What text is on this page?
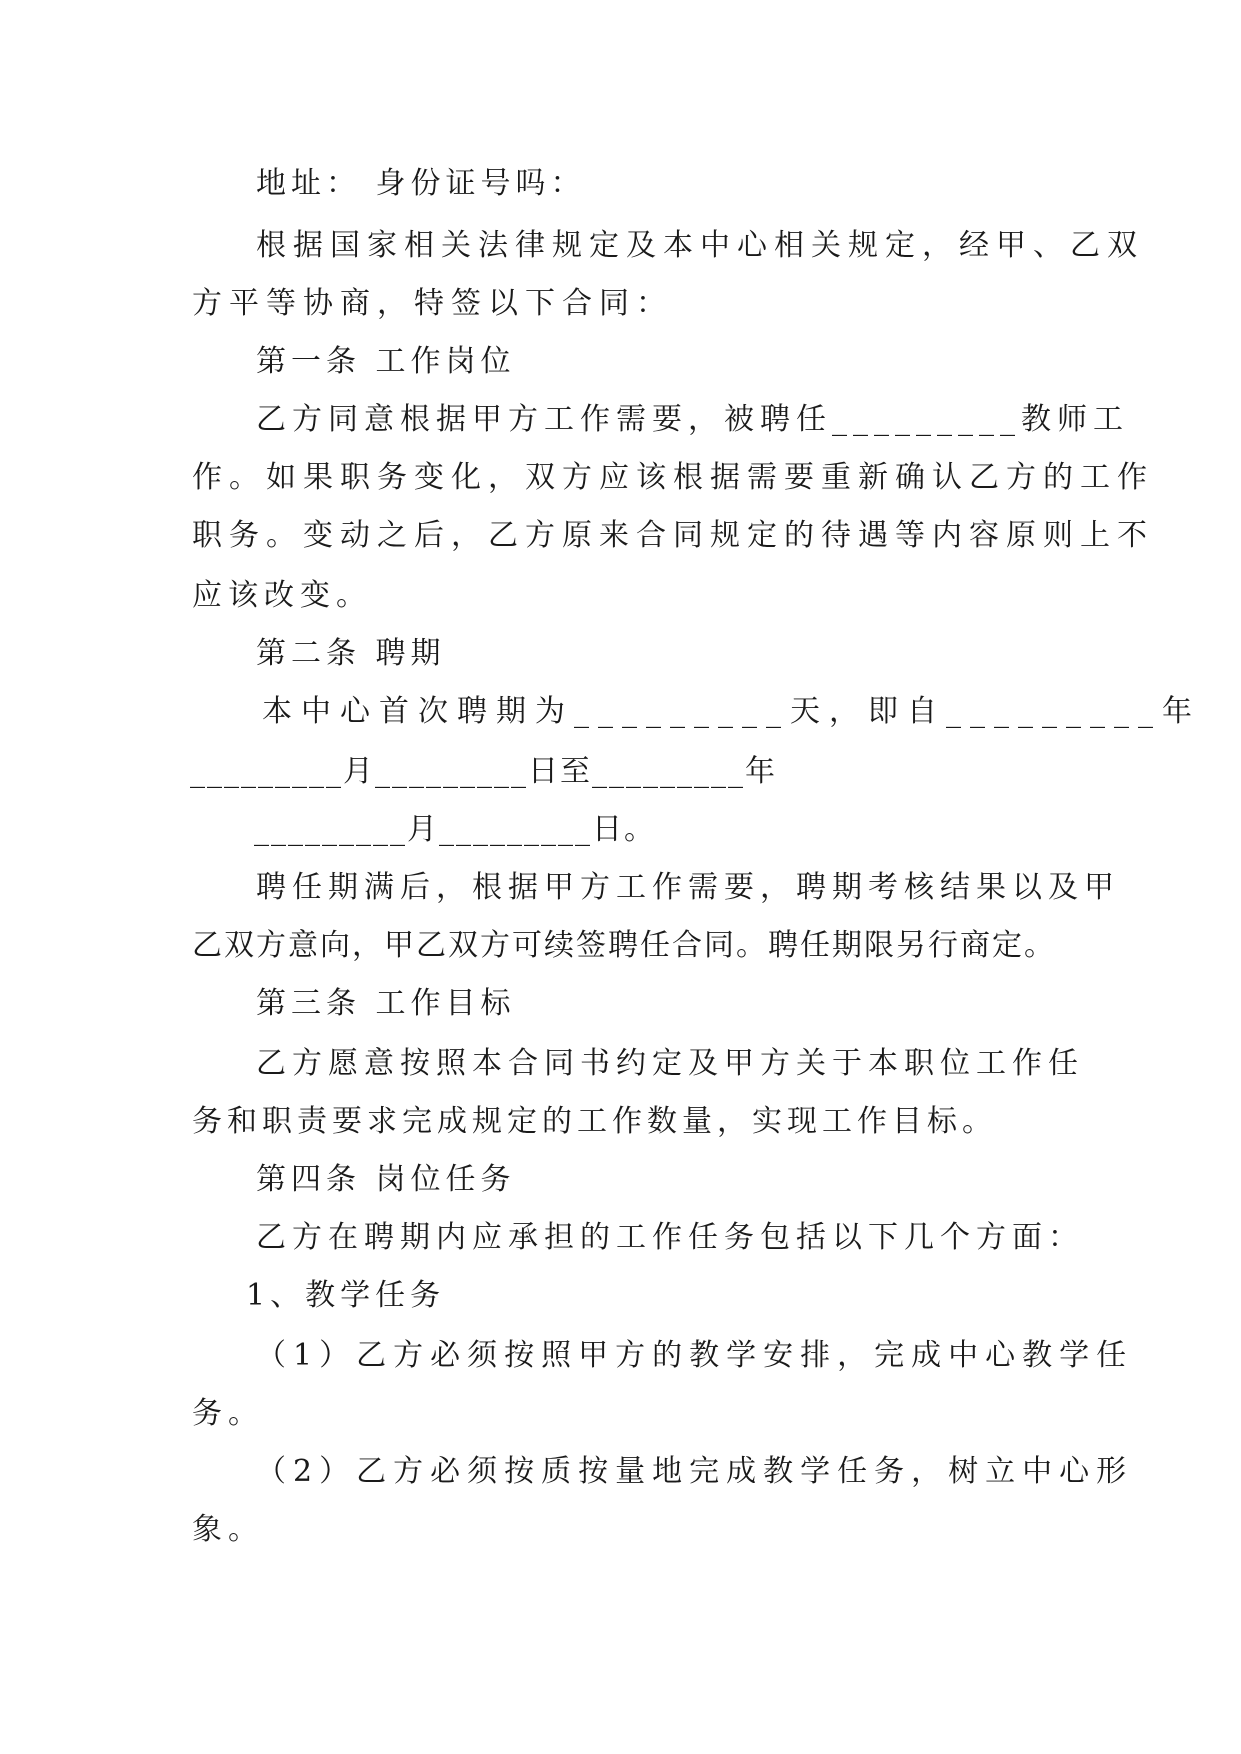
地址： 身份证号吗：
根据国家相关法律规定及本中心相关规定，经甲、乙双
方平等协商，特签以下合同：
第一条 工作岗位
乙方同意根据甲方工作需要，被聘任_________教师工
作。如果职务变化，双方应该根据需要重新确认乙方的工作
职务。变动之后，乙方原来合同规定的待遇等内容原则上不
应该改变。
第二条 聘期
本中心首次聘期为_________天，即自_________年
_________月_________日至_________年
_________月_________日。
聘任期满后，根据甲方工作需要，聘期考核结果以及甲
乙双方意向，甲乙双方可续签聘任合同。聘任期限另行商定。
第三条 工作目标
乙方愿意按照本合同书约定及甲方关于本职位工作任
务和职责要求完成规定的工作数量，实现工作目标。
第四条 岗位任务
乙方在聘期内应承担的工作任务包括以下几个方面：
1、教学任务
（1）乙方必须按照甲方的教学安排，完成中心教学任
务。
（2）乙方必须按质按量地完成教学任务，树立中心形
象。
